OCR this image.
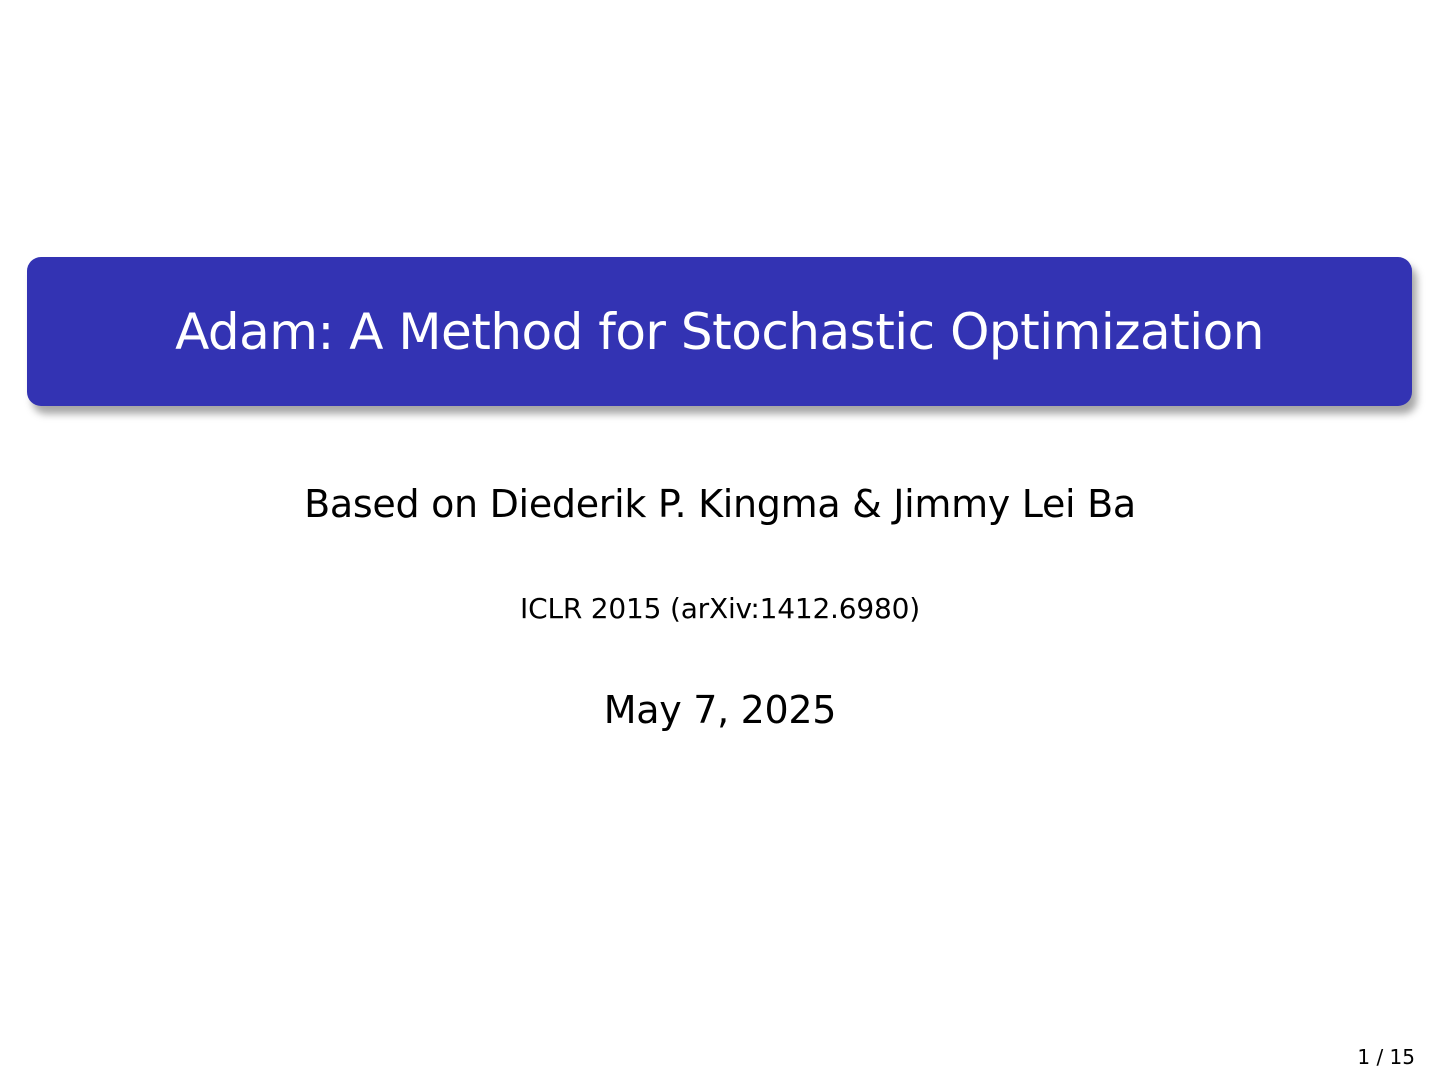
Adam: A Method for Stochastic Optimization
Based on Diederik P. Kingma & Jimmy Lei Ba
ICLR 2015 (arXiv:1412.6980)
May 7, 2025
1 / 15
